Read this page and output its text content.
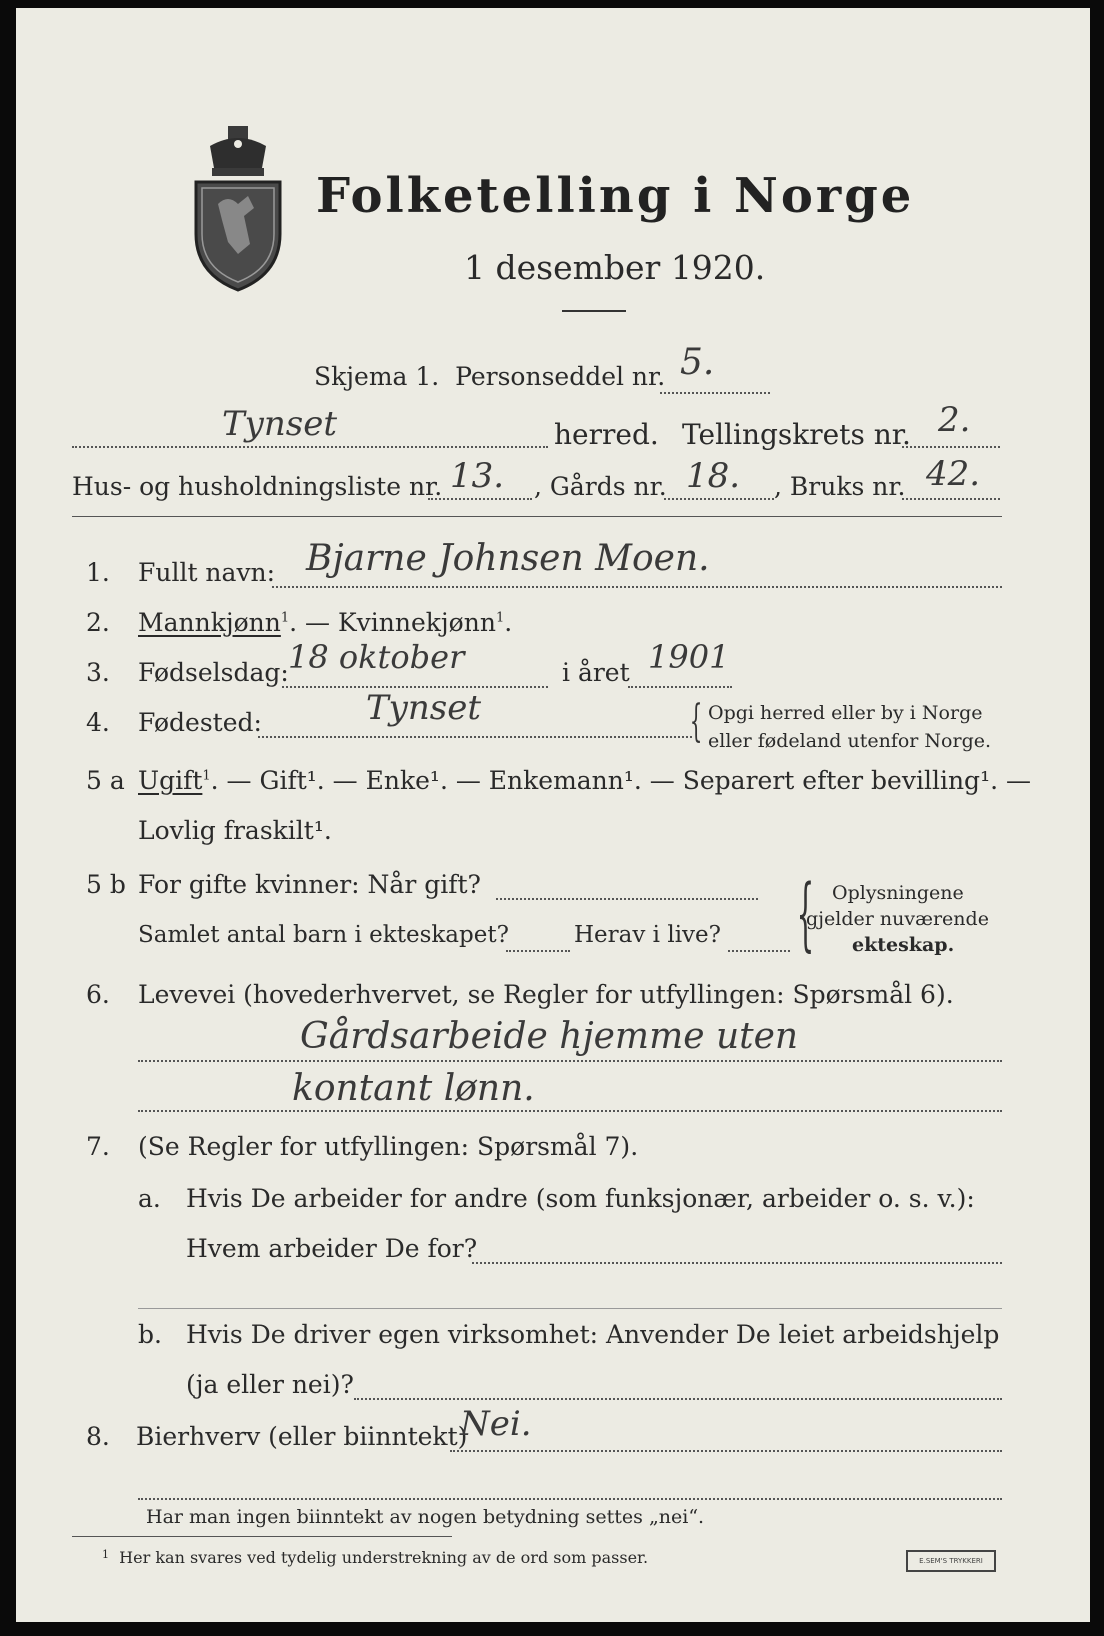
Folketelling i Norge
1 desember 1920.
Skjema 1. Personseddel nr. 5.
Tynset	herred. Tellingskrets nr. 2.
Hus- og husholdningsliste nr. 13. , Gårds nr. 18. , Bruks nr. 42.
1. Fullt navn: Bjarne Johnsen Moen.
2. Mannkjønn$^1$. — Kvinnekjønn$^1$.
3. Fødselsdag: 18 oktober	i året 1901
4. Fødested:	Tynset	{ Opgi herred eller by i Norge
eller fødeland utenfor Norge.
5 a Ugift$^1$. — Gift¹. — Enke¹. — Enkemann¹. — Separert efter bevilling¹. —
Lovlig fraskilt¹.
5 b For gifte kvinner: Når gift?
Samlet antal barn i ekteskapet?	Herav i live? { Oplysningene
gjelder nuværende
ekteskap.
6. Levevei (hovederhvervet, se Regler for utfyllingen: Spørsmål 6).
Gårdsarbeide hjemme uten
kontant lønn.
7. (Se Regler for utfyllingen: Spørsmål 7).
a. Hvis De arbeider for andre (som funksjonær, arbeider o. s. v.):
Hvem arbeider De for?
b. Hvis De driver egen virksomhet: Anvender De leiet arbeidshjelp
(ja eller nei)?
8. Bierhverv (eller biinntekt)
Nei.
Har man ingen biinntekt av nogen betydning settes „nei“.
$^1$ Her kan svares ved tydelig understrekning av de ord som passer.	E.SEM'S TRYKKERI
